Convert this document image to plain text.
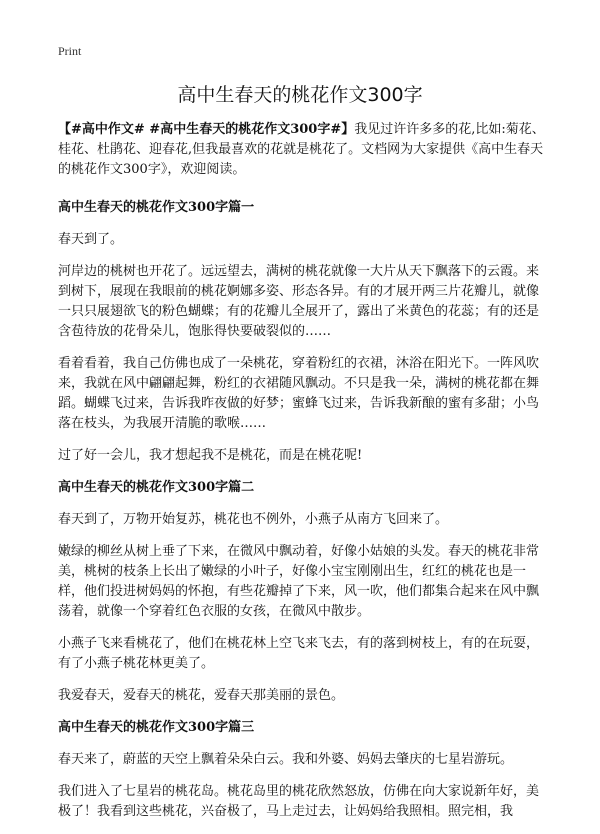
Print
高中生春天的桃花作文300字

【#高中作文# #高中生春天的桃花作文300字#】我见过许许多多的花,比如:菊花、桂花、杜鹃花、迎春花,但我最喜欢的花就是桃花了。文档网为大家提供《高中生春天的桃花作文300字》，欢迎阅读。

高中生春天的桃花作文300字篇一

春天到了。

河岸边的桃树也开花了。远远望去，满树的桃花就像一大片从天下飘落下的云霞。来到树下，展现在我眼前的桃花婀娜多姿、形态各异。有的才展开两三片花瓣儿，就像一只只展翅欲飞的粉色蝴蝶；有的花瓣儿全展开了，露出了米黄色的花蕊；有的还是含苞待放的花骨朵儿，饱胀得快要破裂似的……

看着看着，我自己仿佛也成了一朵桃花，穿着粉红的衣裙，沐浴在阳光下。一阵风吹来，我就在风中翩翩起舞，粉红的衣裙随风飘动。不只是我一朵，满树的桃花都在舞蹈。蝴蝶飞过来，告诉我昨夜做的好梦；蜜蜂飞过来，告诉我新酿的蜜有多甜；小鸟落在枝头，为我展开清脆的歌喉……

过了好一会儿，我才想起我不是桃花，而是在桃花呢!

高中生春天的桃花作文300字篇二

春天到了，万物开始复苏，桃花也不例外，小燕子从南方飞回来了。

嫩绿的柳丝从树上垂了下来，在微风中飘动着，好像小姑娘的头发。春天的桃花非常美，桃树的枝条上长出了嫩绿的小叶子，好像小宝宝刚刚出生，红红的桃花也是一样，他们投进树妈妈的怀抱，有些花瓣掉了下来，风一吹，他们都集合起来在风中飘荡着，就像一个穿着红色衣服的女孩，在微风中散步。

小燕子飞来看桃花了，他们在桃花林上空飞来飞去，有的落到树枝上，有的在玩耍，有了小燕子桃花林更美了。

我爱春天，爱春天的桃花，爱春天那美丽的景色。

高中生春天的桃花作文300字篇三

春天来了，蔚蓝的天空上飘着朵朵白云。我和外婆、妈妈去肇庆的七星岩游玩。

我们进入了七星岩的桃花岛。桃花岛里的桃花欣然怒放，仿佛在向大家说新年好，美极了！我看到这些桃花，兴奋极了，马上走过去，让妈妈给我照相。照完相，我
